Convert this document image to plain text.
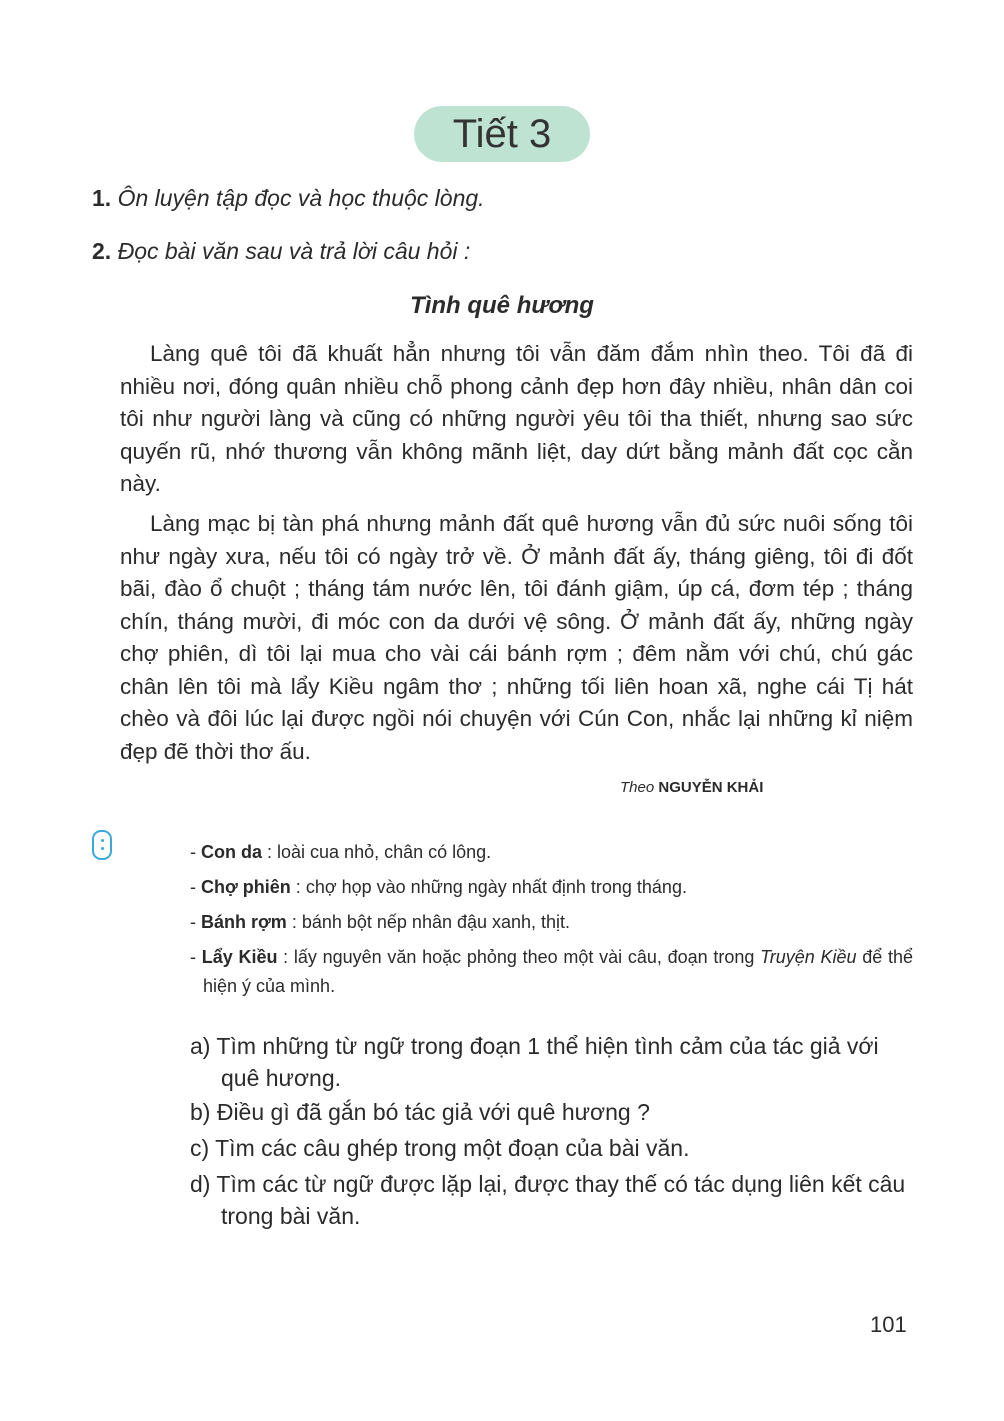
Tiết 3
1. Ôn luyện tập đọc và học thuộc lòng.
2. Đọc bài văn sau và trả lời câu hỏi :
Tình quê hương

Làng quê tôi đã khuất hẳn nhưng tôi vẫn đăm đắm nhìn theo. Tôi đã đi nhiều nơi, đóng quân nhiều chỗ phong cảnh đẹp hơn đây nhiều, nhân dân coi tôi như người làng và cũng có những người yêu tôi tha thiết, nhưng sao sức quyến rũ, nhớ thương vẫn không mãnh liệt, day dứt bằng mảnh đất cọc cằn này.

Làng mạc bị tàn phá nhưng mảnh đất quê hương vẫn đủ sức nuôi sống tôi như ngày xưa, nếu tôi có ngày trở về. Ở mảnh đất ấy, tháng giêng, tôi đi đốt bãi, đào ổ chuột ; tháng tám nước lên, tôi đánh giậm, úp cá, đơm tép ; tháng chín, tháng mười, đi móc con da dưới vệ sông. Ở mảnh đất ấy, những ngày chợ phiên, dì tôi lại mua cho vài cái bánh rợm ; đêm nằm với chú, chú gác chân lên tôi mà lẩy Kiều ngâm thơ ; những tối liên hoan xã, nghe cái Tị hát chèo và đôi lúc lại được ngồi nói chuyện với Cún Con, nhắc lại những kỉ niệm đẹp đẽ thời thơ ấu.

Theo NGUYỄN KHẢI
- Con da : loài cua nhỏ, chân có lông.
- Chợ phiên : chợ họp vào những ngày nhất định trong tháng.
- Bánh rợm : bánh bột nếp nhân đậu xanh, thịt.
- Lẩy Kiều : lấy nguyên văn hoặc phỏng theo một vài câu, đoạn trong Truyện Kiều để thể hiện ý của mình.
a) Tìm những từ ngữ trong đoạn 1 thể hiện tình cảm của tác giả với quê hương.
b) Điều gì đã gắn bó tác giả với quê hương ?
c) Tìm các câu ghép trong một đoạn của bài văn.
d) Tìm các từ ngữ được lặp lại, được thay thế có tác dụng liên kết câu trong bài văn.
101
